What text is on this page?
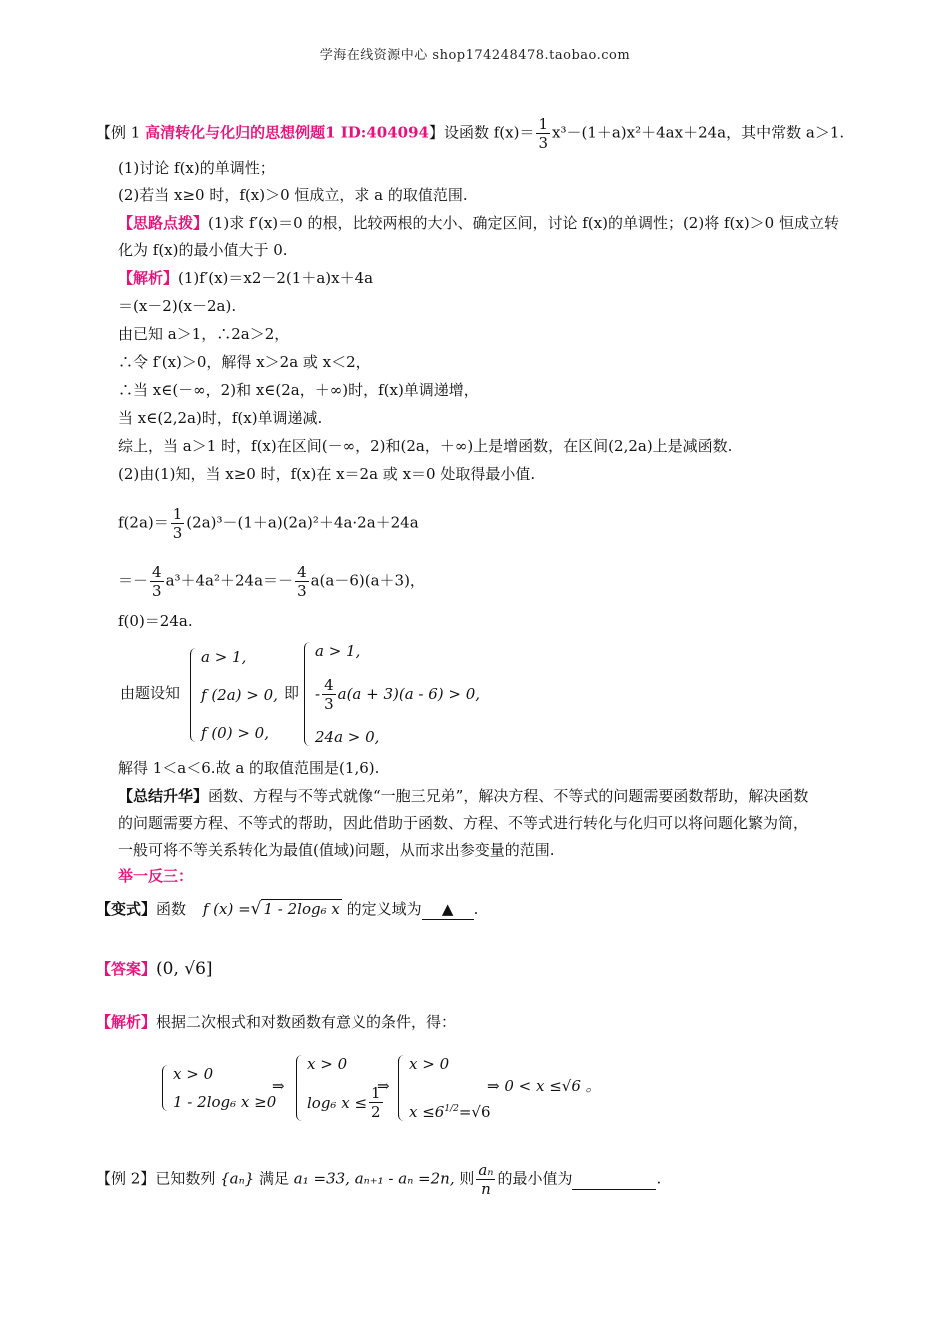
学海在线资源中心 shop174248478.taobao.com
【例 1 高清转化与化归的思想例题1 ID:404094】设函数 $f(x)= \frac{1}{3} x^3-(1+a)x^2+4ax+24a$，其中常数 a＞1.
(1)讨论 f(x)的单调性；
(2)若当 x≥0 时，f(x)＞0 恒成立，求 a 的取值范围.
【思路点拨】(1)求 f′(x)＝0 的根，比较两根的大小、确定区间，讨论 f(x)的单调性；(2)将 f(x)＞0 恒成立转
化为 f(x)的最小值大于 0.
【解析】(1)f′(x)＝x2－2(1＋a)x＋4a
＝(x－2)(x－2a).
由已知 a＞1，∴2a＞2，
∴令 f′(x)＞0，解得 x＞2a 或 x＜2，
∴当 x∈(－∞，2)和 x∈(2a，＋∞)时，f(x)单调递增，
当 x∈(2,2a)时，f(x)单调递减.
综上，当 a＞1 时，f(x)在区间(－∞，2)和(2a，＋∞)上是增函数，在区间(2,2a)上是减函数.
(2)由(1)知，当 x≥0 时，f(x)在 x＝2a 或 x＝0 处取得最小值.
$f(2a)= \frac{1}{3} (2a)^3-(1+a)(2a)^2+4a\cdot 2a+24a$
＝－ $\frac{4}{3} a^3+4a^2+24a=- \frac{4}{3} a(a-6)(a+3)$，
f(0)＝24a.
由题设知
a > 1,
f (2a) > 0,
f (0) > 0,
即
a > 1,
- $\frac{4}{3} a(a + 3)(a - 6) > 0$,
24a > 0,
解得 1＜a＜6.故 a 的取值范围是(1,6).
【总结升华】函数、方程与不等式就像“一胞三兄弟”，解决方程、不等式的问题需要函数帮助，解决函数
的问题需要方程、不等式的帮助，因此借助于函数、方程、不等式进行转化与化归可以将问题化繁为简，
一般可将不等关系转化为最值(值域)问题，从而求出参变量的范围.
举一反三：
【变式】函数 f (x) =√ 1 - 2log₆ x 的定义域为 ▲ .
【答案】(0, √6]
【解析】根据二次根式和对数函数有意义的条件，得：
x > 0
1 - 2log₆ x ≥0
⇒
x > 0
log₆ $x \le \frac{1}{2}$
⇒
x > 0
$x \le 6^{1/2}=√6$
⇒ 0 < x ≤√6 。
【例 2】已知数列 {aₙ} 满足 a₁ =33, aₙ₊₁ - aₙ =2n, 则 $\frac{\text{aₙ}}{n}$ 的最小值为	.
